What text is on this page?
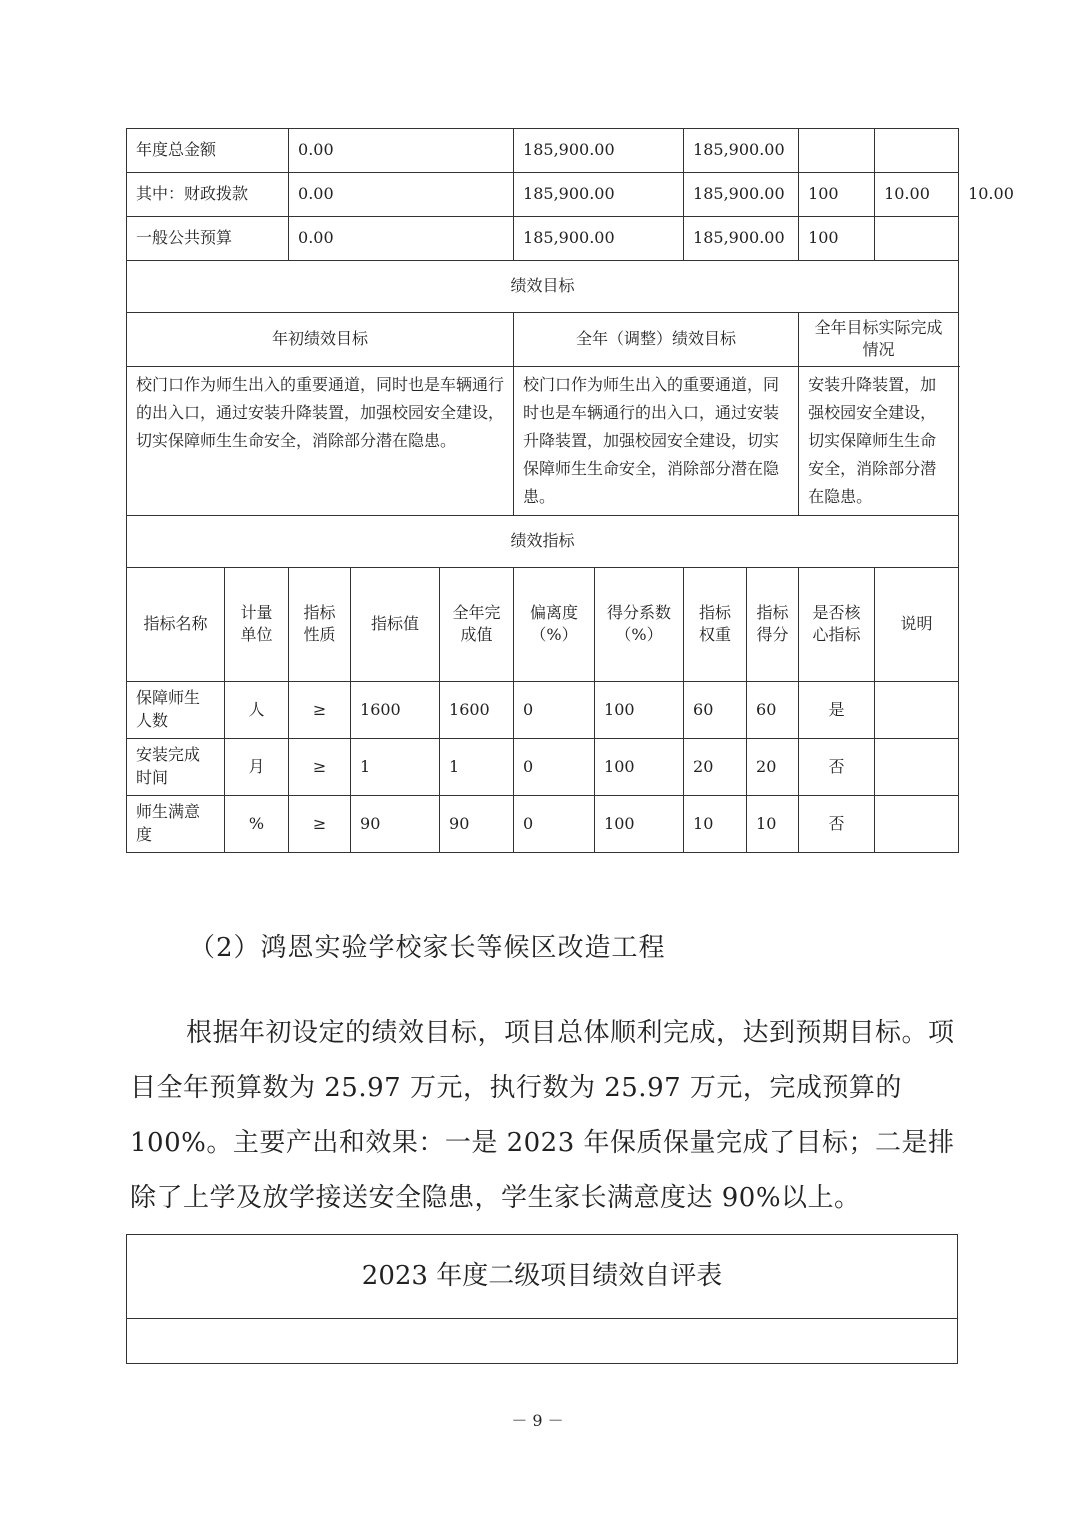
年度总金额		0.00			185,900.00		185,900.00				
其中：财政拨款		0.00			185,900.00		185,900.00		100	10.00	10.00
一般公共预算		0.00			185,900.00		185,900.00		100		
绩效目标											
年初绩效目标					全年（调整）绩效目标				全年目标实际完成情况		
校门口作为师生出入的重要通道，同时也是车辆通行的出入口，通过安装升降装置，加强校园安全建设，切实保障师生生命安全，消除部分潜在隐患。					校门口作为师生出入的重要通道，同时也是车辆通行的出入口，通过安装升降装置，加强校园安全建设，切实保障师生生命安全，消除部分潜在隐患。				安装升降装置，加强校园安全建设，切实保障师生生命安全，消除部分潜在隐患。		
绩效指标											
指标名称	计量单位	指标性质	指标值	全年完成值	偏离度（%）	得分系数（%）	指标权重	指标得分	是否核心指标	说明	
保障师生人数	人	≥	1600	1600	0	100	60	60	是		
安装完成时间	月	≥	1	1	0	100	20	20	否		
师生满意度	%	≥	90	90	0	100	10	10	否		
（2）鸿恩实验学校家长等候区改造工程

根据年初设定的绩效目标，项目总体顺利完成，达到预期目标。项目全年预算数为 25.97 万元，执行数为 25.97 万元，完成预算的 100%。主要产出和效果：一是 2023 年保质保量完成了目标；二是排除了上学及放学接送安全隐患，学生家长满意度达 90%以上。

2023 年度二级项目绩效自评表

－ 9 －
